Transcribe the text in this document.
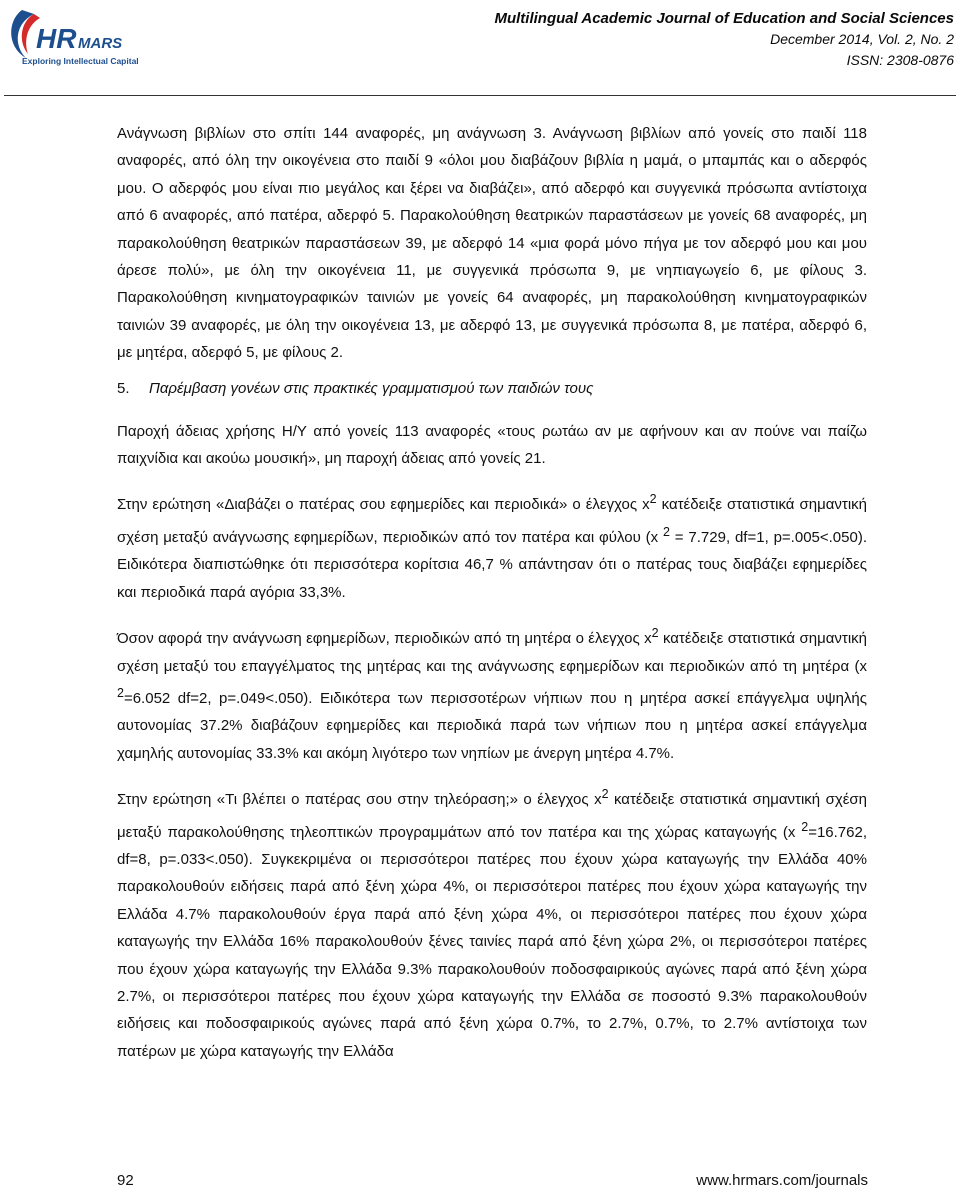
HR MARS
Exploring Intellectual Capital
Multilingual Academic Journal of Education and Social Sciences
December 2014, Vol. 2, No. 2
ISSN: 2308-0876

Ανάγνωση βιβλίων στο σπίτι 144 αναφορές, μη ανάγνωση 3. Ανάγνωση βιβλίων από γονείς στο παιδί 118 αναφορές, από όλη την οικογένεια στο παιδί 9 «όλοι μου διαβάζουν βιβλία η μαμά, ο μπαμπάς και ο αδερφός μου. Ο αδερφός μου είναι πιο μεγάλος και ξέρει να διαβάζει», από αδερφό και συγγενικά πρόσωπα αντίστοιχα από 6 αναφορές, από πατέρα, αδερφό 5. Παρακολούθηση θεατρικών παραστάσεων με γονείς 68 αναφορές, μη παρακολούθηση θεατρικών παραστάσεων 39, με αδερφό 14 «μια φορά μόνο πήγα με τον αδερφό μου και μου άρεσε πολύ», με όλη την οικογένεια 11, με συγγενικά πρόσωπα 9, με νηπιαγωγείο 6, με φίλους 3. Παρακολούθηση κινηματογραφικών ταινιών με γονείς 64 αναφορές, μη παρακολούθηση κινηματογραφικών ταινιών 39 αναφορές, με όλη την οικογένεια 13, με αδερφό 13, με συγγενικά πρόσωπα 8, με πατέρα, αδερφό 6, με μητέρα, αδερφό 5, με φίλους 2.

5. Παρέμβαση γονέων στις πρακτικές γραμματισμού των παιδιών τους

Παροχή άδειας χρήσης Η/Υ από γονείς 113 αναφορές «τους ρωτάω αν με αφήνουν και αν πούνε ναι παίζω παιχνίδια και ακούω μουσική», μη παροχή άδειας από γονείς 21.

Στην ερώτηση «Διαβάζει ο πατέρας σου εφημερίδες και περιοδικά» ο έλεγχος $x^2$ κατέδειξε στατιστικά σημαντική σχέση μεταξύ ανάγνωσης εφημερίδων, περιοδικών από τον πατέρα και φύλου (x $^2$ = 7.729, df=1, p=.005<.050). Ειδικότερα διαπιστώθηκε ότι περισσότερα κορίτσια 46,7 % απάντησαν ότι ο πατέρας τους διαβάζει εφημερίδες και περιοδικά παρά αγόρια 33,3%.

Όσον αφορά την ανάγνωση εφημερίδων, περιοδικών από τη μητέρα ο έλεγχος $x^2$ κατέδειξε στατιστικά σημαντική σχέση μεταξύ του επαγγέλματος της μητέρας και της ανάγνωσης εφημερίδων και περιοδικών από τη μητέρα (x $^2$=6.052 df=2, p=.049<.050). Ειδικότερα των περισσοτέρων νήπιων που η μητέρα ασκεί επάγγελμα υψηλής αυτονομίας 37.2% διαβάζουν εφημερίδες και περιοδικά παρά των νήπιων που η μητέρα ασκεί επάγγελμα χαμηλής αυτονομίας 33.3% και ακόμη λιγότερο των νηπίων με άνεργη μητέρα 4.7%.

Στην ερώτηση «Τι βλέπει ο πατέρας σου στην τηλεόραση;» ο έλεγχος $x^2$ κατέδειξε στατιστικά σημαντική σχέση μεταξύ παρακολούθησης τηλεοπτικών προγραμμάτων από τον πατέρα και της χώρας καταγωγής (x $^2$=16.762, df=8, p=.033<.050). Συγκεκριμένα οι περισσότεροι πατέρες που έχουν χώρα καταγωγής την Ελλάδα 40% παρακολουθούν ειδήσεις παρά από ξένη χώρα 4%, οι περισσότεροι πατέρες που έχουν χώρα καταγωγής την Ελλάδα 4.7% παρακολουθούν έργα παρά από ξένη χώρα 4%, οι περισσότεροι πατέρες που έχουν χώρα καταγωγής την Ελλάδα 16% παρακολουθούν ξένες ταινίες παρά από ξένη χώρα 2%, οι περισσότεροι πατέρες που έχουν χώρα καταγωγής την Ελλάδα 9.3% παρακολουθούν ποδοσφαιρικούς αγώνες παρά από ξένη χώρα 2.7%, οι περισσότεροι πατέρες που έχουν χώρα καταγωγής την Ελλάδα σε ποσοστό 9.3% παρακολουθούν ειδήσεις και ποδοσφαιρικούς αγώνες παρά από ξένη χώρα 0.7%, το 2.7%, 0.7%, το 2.7% αντίστοιχα των πατέρων με χώρα καταγωγής την Ελλάδα

92	www.hrmars.com/journals
